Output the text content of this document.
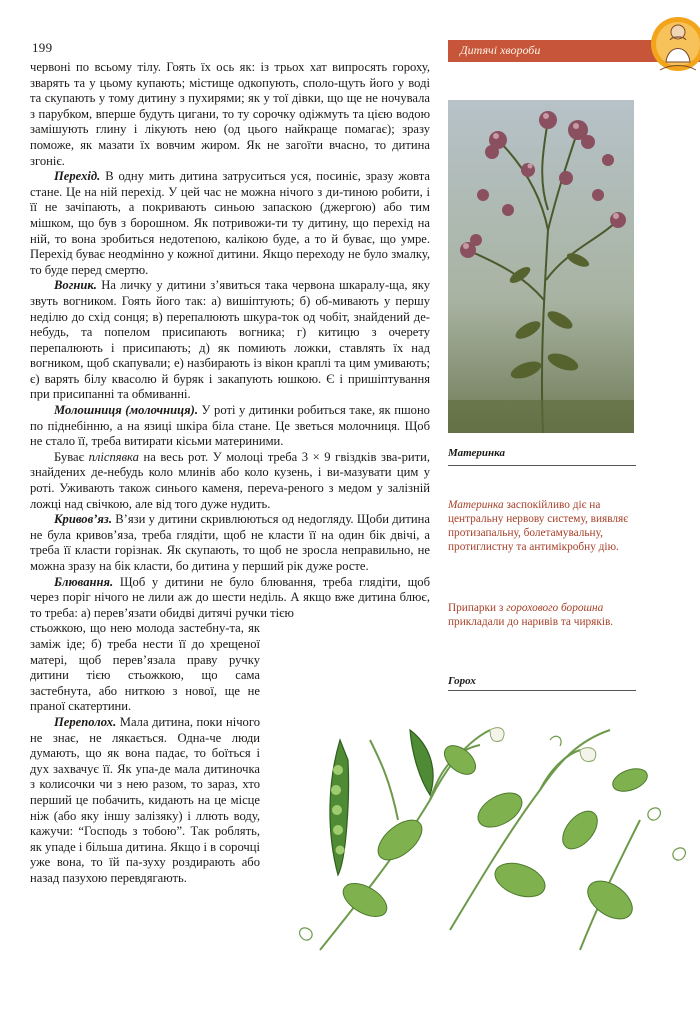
199	Дитячі хвороби

червоні по всьому тілу. Гоять їх ось як: із трьох хат випросять гороху, зварять та у цьому купають; містище одкопують, споло-щуть його у воді та скупають у тому дитину з пухирями; як у тої дівки, що ще не ночувала з парубком, вперше будуть цигани, то ту сорочку одіжмуть та цією водою замішують глину і лікують нею (од цього найкраще помагає); зразу поможе, як мазати їх вовчим жиром. Як не загоїти вчасно, то дитина згоніє.

Перехід. В одну мить дитина затруситься уся, посиніє, зразу жовта стане. Це на ній перехід. У цей час не можна нічого з ди-тиною робити, і її не зачіпають, а покривають синьою запаскою (джергою) або тим мішком, що був з борошном. Як потривожи-ти ту дитину, що перехід на ній, то вона зробиться недотепою, калікою буде, а то й буває, що умре. Перехід буває неодмінно у кожної дитини. Якщо переходу не було змалку, то буде перед смертю.

Вогник. На личку у дитини з’явиться така червона шкаралу-ща, яку звуть вогником. Гоять його так: а) вишіптують; б) об-мивають у першу неділю до схід сонця; в) перепалюють шкура-ток од чобіт, знайдений де-небудь, та попелом присипають вогника; г) китицю з очерету перепалюють і присипають; д) як помиють ложки, ставлять їх над вогником, щоб скапували; е) назбирають із вікон краплі та цим умивають; є) варять білу квасолю й буряк і закапують юшкою. Є і пришіптування при присипанні та обмиванні.

Молошниця (молочниця). У роті у дитинки робиться таке, як пшоно по піднебінню, а на язиці шкіра біла стане. Це зветься молочниця. Щоб не стало її, треба витирати кісьми материними.

Буває плісnявка на весь рот. У молоці треба 3 × 9 гвіздків зва-рити, знайдених де-небудь коло млинів або коло кузень, і ви-мазувати цим у роті. Уживають також синього каменя, переva-реного з медом у залізній ложці над свічкою, але від того дуже нудить.

Кривов’яз. В’язи у дитини скривлюються од недогляду. Щоби дитина не була кривов’яза, треба глядіти, щоб не класти її на один бік двічі, а треба її класти горізнак. Як скупають, то щоб не зросла неправильно, не можна зразу на бік класти, бо дитина у перший рік дуже росте.

Блювання. Щоб у дитини не було блювання, треба глядіти, щоб через поріг нічого не лили аж до шести неділь. А якщо вже дитина блює, то треба: а) перев’язати обидві дитячі ручки тією

стьожкою, що нею молода застебну-та, як заміж іде; б) треба нести її до хрещеної матері, щоб перев’язала праву ручку дитини тією стьожкою, що сама застебнута, або ниткою з нової, ще не праної скатертини.

Переполох. Мала дитина, поки нічого не знає, не лякається. Одна-че люди думають, що як вона падає, то боїться і дух захвачує її. Як упа-де мала дитиночка з колисочки чи з нею разом, то зараз, хто перший це побачить, кидають на це місце ніж (або яку іншу залізяку) і ллють воду, кажучи: “Господь з тобою”. Так роблять, як упаде і більша дитина. Якщо і в сорочці уже вона, то їй па-зуху роздирають або назад пазухою перевдягають.

Материнка
Материнка заспокійливо діє на центральну нервову систему, виявляє протизапальну, болетамувальну, протиглистну та антимікробну дію.
Припарки з горохового борошна прикладали до наривів та чиряків.
Горох
